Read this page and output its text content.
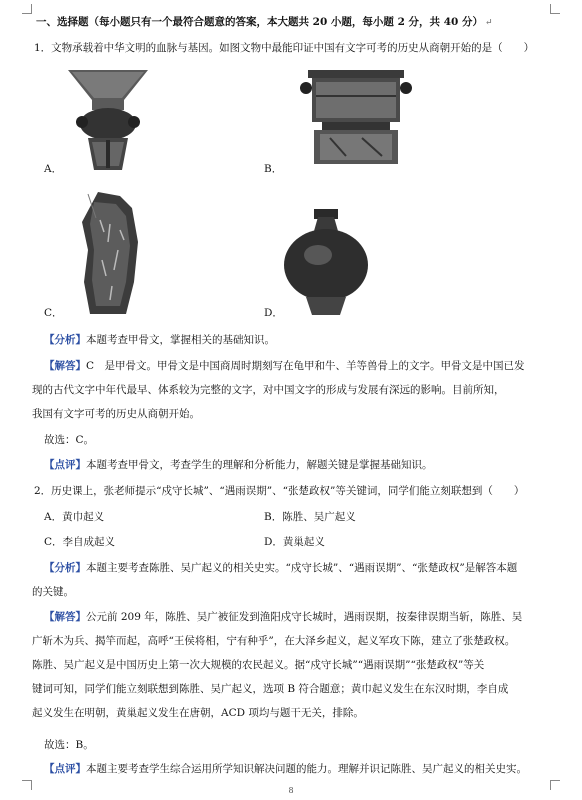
一、选择题（每小题只有一个最符合题意的答案，本大题共 20 小题，每小题 2 分，共 40 分） ↵
1．文物承载着中华文明的血脉与基因。如图文物中最能印证中国有文字可考的历史从商朝开始的是（　　）
A．	B．
C．	D．
【分析】本题考查甲骨文，掌握相关的基础知识。

【解答】C　是甲骨文。甲骨文是中国商周时期刻写在龟甲和牛、羊等兽骨上的文字。甲骨文是中国已发

现的古代文字中年代最早、体系较为完整的文字，对中国文字的形成与发展有深远的影响。目前所知，

我国有文字可考的历史从商朝开始。

故选：C。
【点评】本题考查甲骨文，考查学生的理解和分析能力，解题关键是掌握基础知识。
2．历史课上，张老师提示“戍守长城”、“遇雨误期”、“张楚政权”等关键词，同学们能立刻联想到（　　）
A．黄巾起义	B．陈胜、吴广起义
C．李自成起义	D．黄巢起义

【分析】本题主要考查陈胜、吴广起义的相关史实。“戍守长城”、“遇雨误期”、“张楚政权”是解答本题

的关键。

【解答】公元前 209 年，陈胜、吴广被征发到渔阳戍守长城时，遇雨误期，按秦律误期当斩，陈胜、吴

广斩木为兵、揭竿而起，高呼“王侯将相，宁有种乎”，在大泽乡起义，起义军攻下陈，建立了张楚政权。

陈胜、吴广起义是中国历史上第一次大规模的农民起义。据“戍守长城”“遇雨误期”“张楚政权”等关

键词可知，同学们能立刻联想到陈胜、吴广起义，选项 B 符合题意；黄巾起义发生在东汉时期，李自成

起义发生在明朝，黄巢起义发生在唐朝，ACD 项均与题干无关，排除。

故选：B。
【点评】本题主要考查学生综合运用所学知识解决问题的能力。理解并识记陈胜、吴广起义的相关史实。
8
